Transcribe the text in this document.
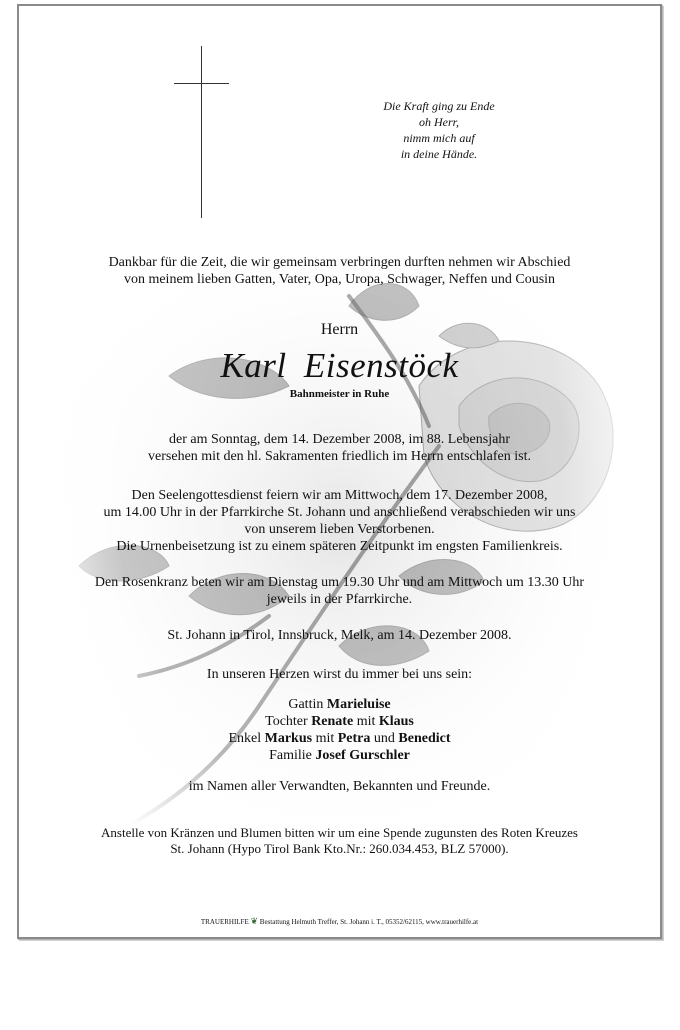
Die Kraft ging zu Ende
oh Herr,
nimm mich auf
in deine Hände.
Dankbar für die Zeit, die wir gemeinsam verbringen durften nehmen wir Abschied
von meinem lieben Gatten, Vater, Opa, Uropa, Schwager, Neffen und Cousin
Herrn
Karl Eisenstöck
Bahnmeister in Ruhe
der am Sonntag, dem 14. Dezember 2008, im 88. Lebensjahr
versehen mit den hl. Sakramenten friedlich im Herrn entschlafen ist.
Den Seelengottesdienst feiern wir am Mittwoch, dem 17. Dezember 2008,
um 14.00 Uhr in der Pfarrkirche St. Johann und anschließend verabschieden wir uns
von unserem lieben Verstorbenen.
Die Urnenbeisetzung ist zu einem späteren Zeitpunkt im engsten Familienkreis.
Den Rosenkranz beten wir am Dienstag um 19.30 Uhr und am Mittwoch um 13.30 Uhr
jeweils in der Pfarrkirche.
St. Johann in Tirol, Innsbruck, Melk, am 14. Dezember 2008.
In unseren Herzen wirst du immer bei uns sein:
Gattin Marieluise
Tochter Renate mit Klaus
Enkel Markus mit Petra und Benedict
Familie Josef Gurschler
im Namen aller Verwandten, Bekannten und Freunde.
Anstelle von Kränzen und Blumen bitten wir um eine Spende zugunsten des Roten Kreuzes
St. Johann (Hypo Tirol Bank Kto.Nr.: 260.034.453, BLZ 57000).
TRAUERHILFE ❦ Bestattung Helmuth Treffer, St. Johann i. T., 05352/62115, www.trauerhilfe.at
